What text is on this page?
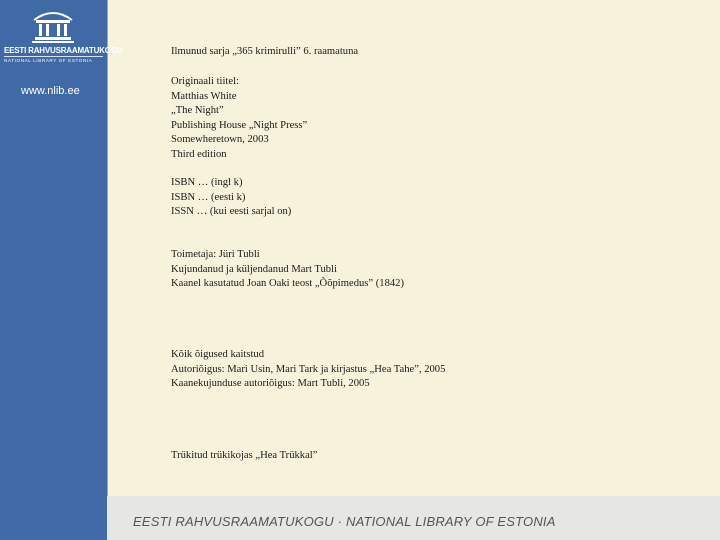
EESTI RAHVUSRAAMATUKOGU
NATIONAL LIBRARY OF ESTONIA
www.nlib.ee
Ilmunud sarja „365 krimirulli” 6. raamatuna
Originaali tiitel:
Matthias White
„The Night”
Publishing House „Night Press”
Somewheretown, 2003
Third edition
ISBN … (ingl k)
ISBN … (eesti k)
ISSN … (kui eesti sarjal on)
Toimetaja: Jüri Tubli
Kujundanud ja küljendanud Mart Tubli
Kaanel kasutatud Joan Oaki teost „Õõpimedus” (1842)
Kõik õigused kaitstud
Autoriõigus: Mari Usin, Mari Tark ja kirjastus „Hea Tahe”, 2005
Kaanekujunduse autoriõigus: Mart Tubli, 2005
Trükitud trükikojas „Hea Trükkal”
EESTI RAHVUSRAAMATUKOGU · NATIONAL LIBRARY OF ESTONIA
